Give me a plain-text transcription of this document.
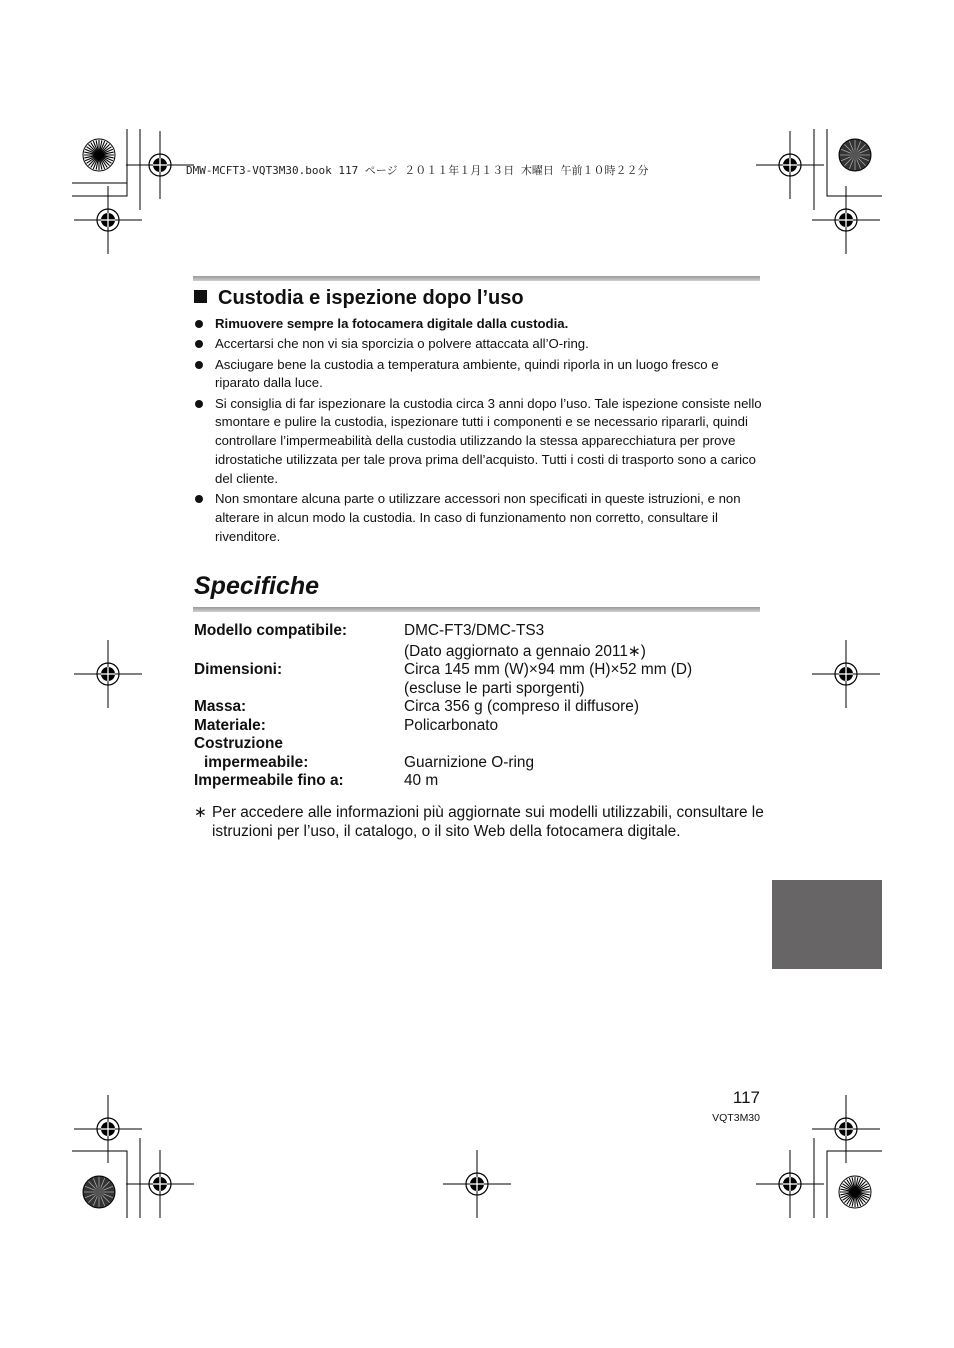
DMW-MCFT3-VQT3M30.book 117 ページ ２０１１年１月１３日 木曜日 午前１０時２２分
Custodia e ispezione dopo l’uso
Rimuovere sempre la fotocamera digitale dalla custodia.
Accertarsi che non vi sia sporcizia o polvere attaccata all’O-ring.
Asciugare bene la custodia a temperatura ambiente, quindi riporla in un luogo fresco e riparato dalla luce.
Si consiglia di far ispezionare la custodia circa 3 anni dopo l’uso. Tale ispezione consiste nello smontare e pulire la custodia, ispezionare tutti i componenti e se necessario ripararli, quindi controllare l’impermeabilità della custodia utilizzando la stessa apparecchiatura per prove idrostatiche utilizzata per tale prova prima dell’acquisto. Tutti i costi di trasporto sono a carico del cliente.
Non smontare alcuna parte o utilizzare accessori non specificati in queste istruzioni, e non alterare in alcun modo la custodia. In caso di funzionamento non corretto, consultare il rivenditore.
Specifiche
Modello compatibile:	DMC-FT3/DMC-TS3
(Dato aggiornato a gennaio 2011∗)
Dimensioni:	Circa 145 mm (W)×94 mm (H)×52 mm (D)
(escluse le parti sporgenti)
Massa:	Circa 356 g (compreso il diffusore)
Materiale:	Policarbonato
Costruzione
impermeabile:	Guarnizione O-ring
Impermeabile fino a:	40 m
∗ Per accedere alle informazioni più aggiornate sui modelli utilizzabili, consultare le istruzioni per l’uso, il catalogo, o il sito Web della fotocamera digitale.
117
VQT3M30
